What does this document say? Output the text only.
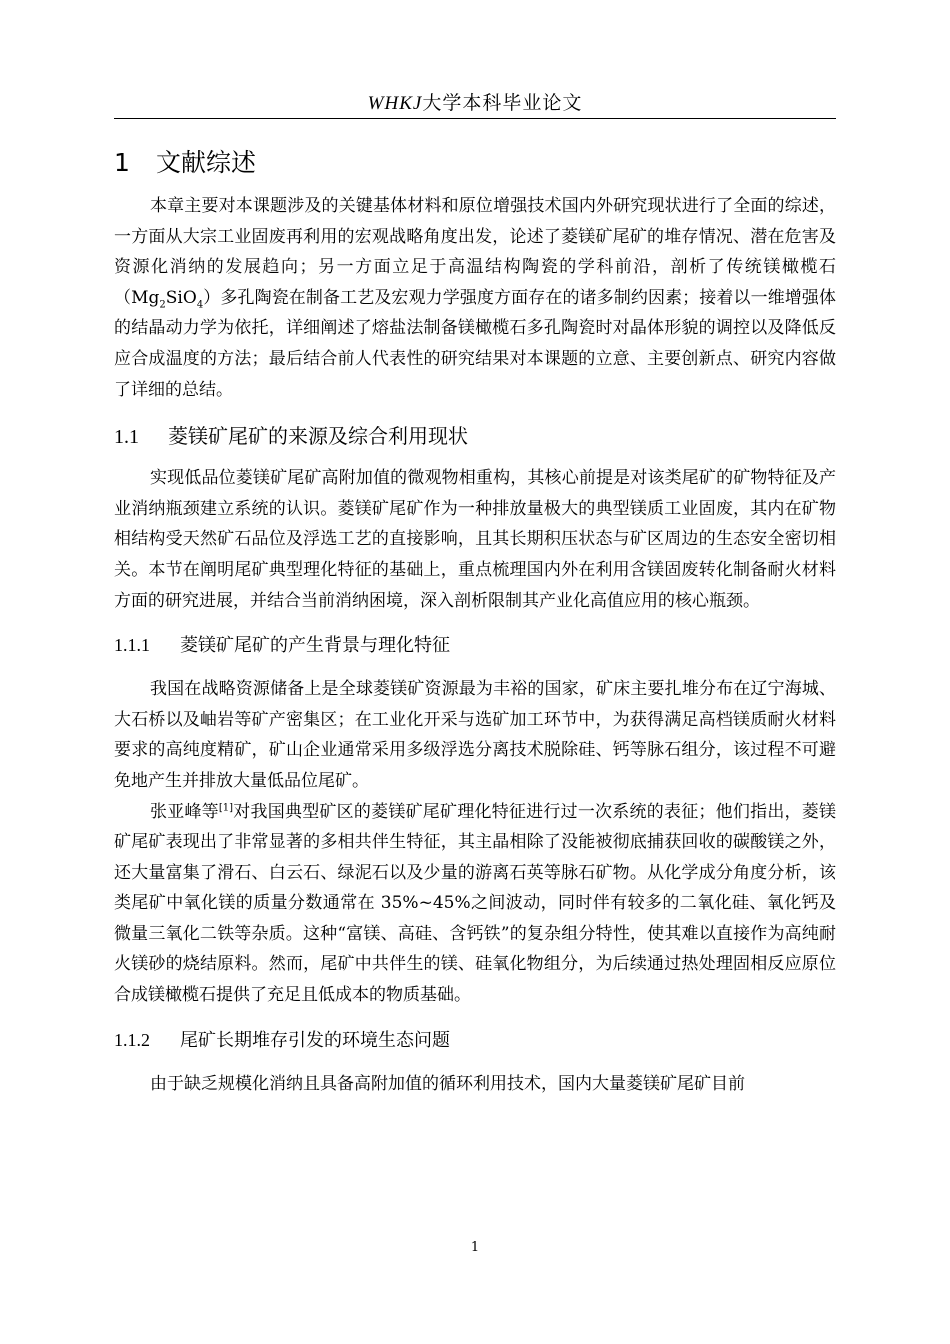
WHKJ大学本科毕业论文
1 文献综述

本章主要对本课题涉及的关键基体材料和原位增强技术国内外研究现状进行了全面的综述，一方面从大宗工业固废再利用的宏观战略角度出发，论述了菱镁矿尾矿的堆存情况、潜在危害及资源化消纳的发展趋向；另一方面立足于高温结构陶瓷的学科前沿，剖析了传统镁橄榄石$(Mg_2SiO_4)$多孔陶瓷在制备工艺及宏观力学强度方面存在的诸多制约因素；接着以一维增强体的结晶动力学为依托，详细阐述了熔盐法制备镁橄榄石多孔陶瓷时对晶体形貌的调控以及降低反应合成温度的方法；最后结合前人代表性的研究结果对本课题的立意、主要创新点、研究内容做了详细的总结。

1.1 菱镁矿尾矿的来源及综合利用现状

实现低品位菱镁矿尾矿高附加值的微观物相重构，其核心前提是对该类尾矿的矿物特征及产业消纳瓶颈建立系统的认识。菱镁矿尾矿作为一种排放量极大的典型镁质工业固废，其内在矿物相结构受天然矿石品位及浮选工艺的直接影响，且其长期积压状态与矿区周边的生态安全密切相关。本节在阐明尾矿典型理化特征的基础上，重点梳理国内外在利用含镁固废转化制备耐火材料方面的研究进展，并结合当前消纳困境，深入剖析限制其产业化高值应用的核心瓶颈。

1.1.1 菱镁矿尾矿的产生背景与理化特征

我国在战略资源储备上是全球菱镁矿资源最为丰裕的国家，矿床主要扎堆分布在辽宁海城、大石桥以及岫岩等矿产密集区；在工业化开采与选矿加工环节中，为获得满足高档镁质耐火材料要求的高纯度精矿，矿山企业通常采用多级浮选分离技术脱除硅、钙等脉石组分，该过程不可避免地产生并排放大量低品位尾矿。

张亚峰等[1]对我国典型矿区的菱镁矿尾矿理化特征进行过一次系统的表征；他们指出，菱镁矿尾矿表现出了非常显著的多相共伴生特征，其主晶相除了没能被彻底捕获回收的碳酸镁之外，还大量富集了滑石、白云石、绿泥石以及少量的游离石英等脉石矿物。从化学成分角度分析，该类尾矿中氧化镁的质量分数通常在 35%~45%之间波动，同时伴有较多的二氧化硅、氧化钙及微量三氧化二铁等杂质。这种“富镁、高硅、含钙铁”的复杂组分特性，使其难以直接作为高纯耐火镁砂的烧结原料。然而，尾矿中共伴生的镁、硅氧化物组分，为后续通过热处理固相反应原位合成镁橄榄石提供了充足且低成本的物质基础。

1.1.2 尾矿长期堆存引发的环境生态问题

由于缺乏规模化消纳且具备高附加值的循环利用技术，国内大量菱镁矿尾矿目前

1
